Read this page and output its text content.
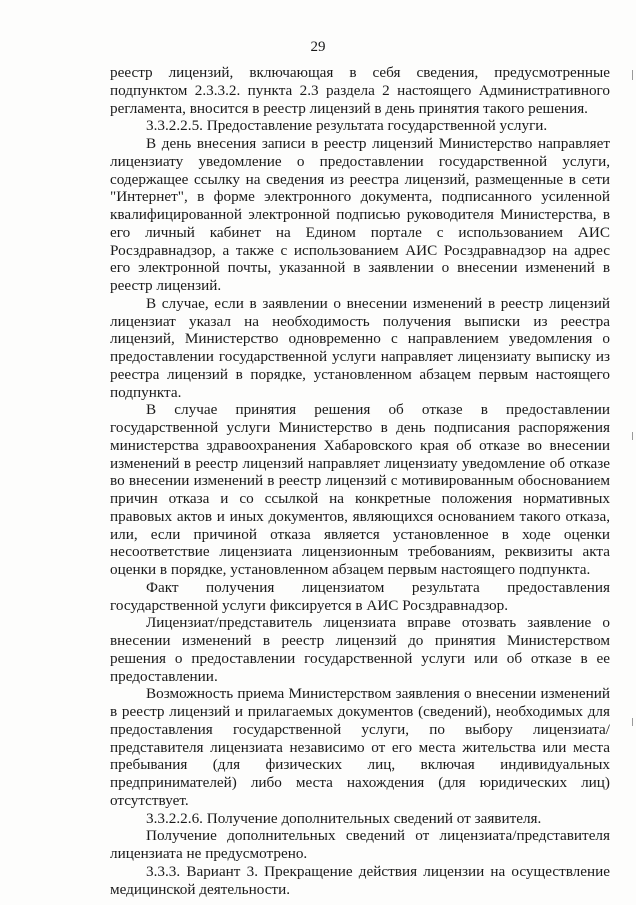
29

реестр лицензий, включающая в себя сведения, предусмотренные подпунктом 2.3.3.2. пункта 2.3 раздела 2 настоящего Административного регламента, вносится в реестр лицензий в день принятия такого решения.

3.3.2.2.5. Предоставление результата государственной услуги.

В день внесения записи в реестр лицензий Министерство направляет лицензиату уведомление о предоставлении государственной услуги, содержащее ссылку на сведения из реестра лицензий, размещенные в сети "Интернет", в форме электронного документа, подписанного усиленной квалифицированной электронной подписью руководителя Министерства, в его личный кабинет на Едином портале с использованием АИС Росздравнадзор, а также с использованием АИС Росздравнадзор на адрес его электронной почты, указанной в заявлении о внесении изменений в реестр лицензий.

В случае, если в заявлении о внесении изменений в реестр лицензий лицензиат указал на необходимость получения выписки из реестра лицензий, Министерство одновременно с направлением уведомления о предоставлении государственной услуги направляет лицензиату выписку из реестра лицензий в порядке, установленном абзацем первым настоящего подпункта.

В случае принятия решения об отказе в предоставлении государственной услуги Министерство в день подписания распоряжения министерства здравоохранения Хабаровского края об отказе во внесении изменений в реестр лицензий направляет лицензиату уведомление об отказе во внесении изменений в реестр лицензий с мотивированным обоснованием причин отказа и со ссылкой на конкретные положения нормативных правовых актов и иных документов, являющихся основанием такого отказа, или, если причиной отказа является установленное в ходе оценки несоответствие лицензиата лицензионным требованиям, реквизиты акта оценки в порядке, установленном абзацем первым настоящего подпункта.

Факт получения лицензиатом результата предоставления государственной услуги фиксируется в АИС Росздравнадзор.

Лицензиат/представитель лицензиата вправе отозвать заявление о внесении изменений в реестр лицензий до принятия Министерством решения о предоставлении государственной услуги или об отказе в ее предоставлении.

Возможность приема Министерством заявления о внесении изменений в реестр лицензий и прилагаемых документов (сведений), необходимых для предоставления государственной услуги, по выбору лицензиата/представителя лицензиата независимо от его места жительства или места пребывания (для физических лиц, включая индивидуальных предпринимателей) либо места нахождения (для юридических лиц) отсутствует.

3.3.2.2.6. Получение дополнительных сведений от заявителя.

Получение дополнительных сведений от лицензиата/представителя лицензиата не предусмотрено.

3.3.3. Вариант 3. Прекращение действия лицензии на осуществление медицинской деятельности.
